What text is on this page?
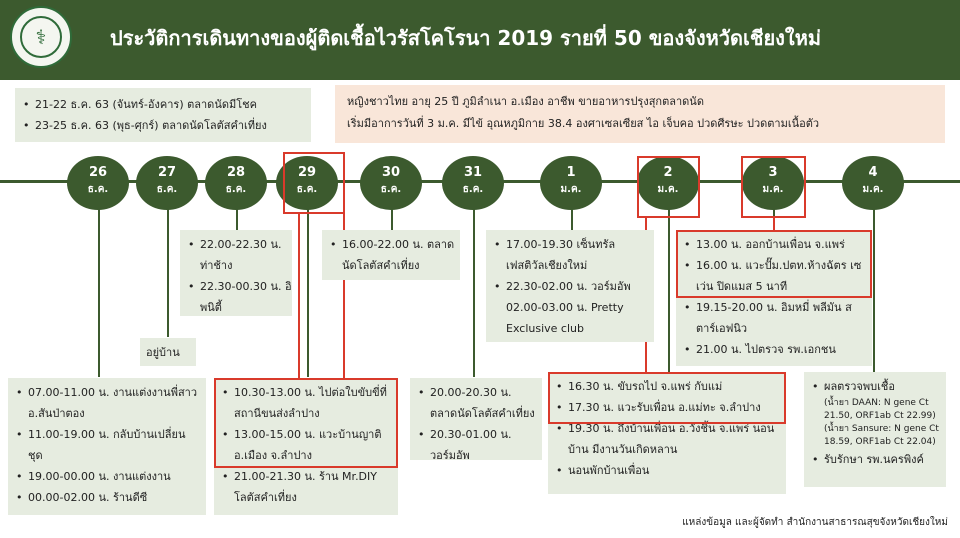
⚕	ประวัติการเดินทางของผู้ติดเชื้อไวรัสโคโรนา 2019 รายที่ 50 ของจังหวัดเชียงใหม่
• 21-22 ธ.ค. 63 (จันทร์-อังคาร) ตลาดนัดมีโชค
• 23-25 ธ.ค. 63 (พุธ-ศุกร์) ตลาดนัดโลตัสคำเที่ยง
หญิงชาวไทย อายุ 25 ปี ภูมิลำเนา อ.เมือง อาชีพ ขายอาหารปรุงสุกตลาดนัด
เริ่มมีอาการวันที่ 3 ม.ค. มีไข้ อุณหภูมิกาย 38.4 องศาเซลเซียส ไอ เจ็บคอ ปวดศีรษะ ปวดตามเนื้อตัว
26
ธ.ค.
27
ธ.ค.
28
ธ.ค.
29
ธ.ค.
30
ธ.ค.
31
ธ.ค.
1
ม.ค.
2
ม.ค.
3
ม.ค.
4
ม.ค.
• 07.00-11.00 น. งานแต่งงานพี่สาว อ.สันป่าตอง
• 11.00-19.00 น. กลับบ้านเปลี่ยนชุด
• 19.00-00.00 น. งานแต่งงาน
• 00.00-02.00 น. ร้านดีซี
อยู่บ้าน
• 22.00-22.30 น. ท่าช้าง
• 22.30-00.30 น. อิพนิตี้
• 10.30-13.00 น. ไปต่อใบขับขี่ที่สถานีขนส่งลำปาง
• 13.00-15.00 น. แวะบ้านญาติ อ.เมือง จ.ลำปาง
• 21.00-21.30 น. ร้าน Mr.DIY โลตัสคำเที่ยง
• 16.00-22.00 น. ตลาดนัดโลตัสคำเที่ยง
• 20.00-20.30 น. ตลาดนัดโลตัสคำเที่ยง
• 20.30-01.00 น. วอร์มอัพ
• 17.00-19.30 เซ็นทรัล เฟสติวัลเชียงใหม่
• 22.30-02.00 น. วอร์มอัพ 02.00-03.00 น. Pretty Exclusive club
• 16.30 น. ขับรถไป จ.แพร่ กับแม่
• 17.30 น. แวะรับเพื่อน อ.แม่ทะ จ.ลำปาง
• 19.30 น. ถึงบ้านเพื่อน อ.วังชิ้น จ.แพร่ นอนบ้าน มีงานวันเกิดหลาน
• นอนพักบ้านเพื่อน
• 13.00 น. ออกบ้านเพื่อน จ.แพร่
• 16.00 น. แวะปั๊ม.ปตท.ห้างฉัตร เซเว่น ปิดแมส 5 นาที
• 19.15-20.00 น. อิมหมี่ พลีมัน สตาร์เอฟนิว
• 21.00 น. ไปตรวจ รพ.เอกชน
• ผลตรวจพบเชื้อ
(น้ำยา DAAN: N gene Ct 21.50, ORF1ab Ct 22.99)
(น้ำยา Sansure: N gene Ct 18.59, ORF1ab Ct 22.04)
• รับรักษา รพ.นครพิงค์
แหล่งข้อมูล และผู้จัดทำ สำนักงานสาธารณสุขจังหวัดเชียงใหม่
